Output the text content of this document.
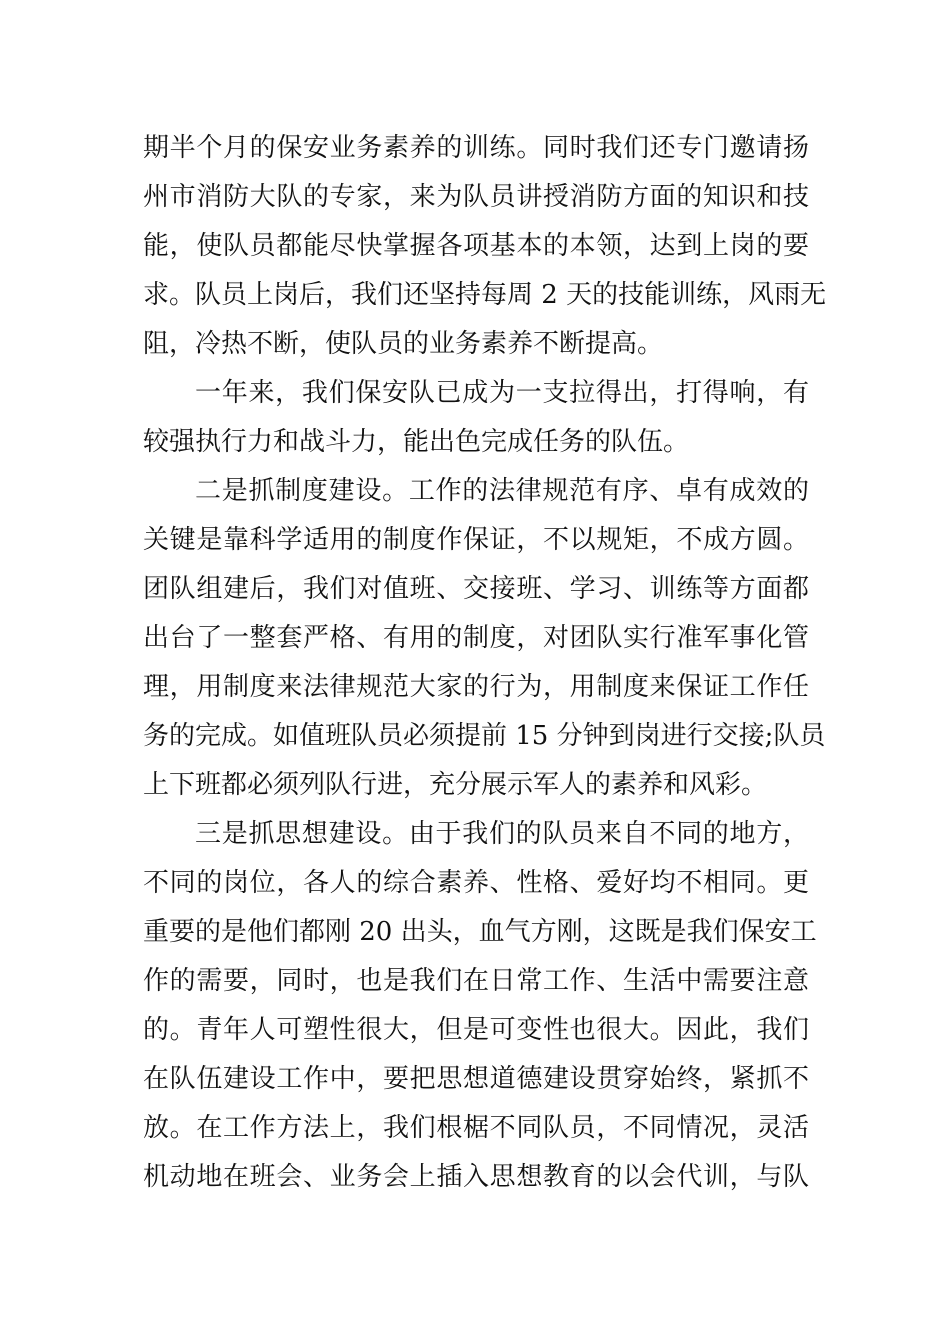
期半个月的保安业务素养的训练。同时我们还专门邀请扬
州市消防大队的专家，来为队员讲授消防方面的知识和技
能，使队员都能尽快掌握各项基本的本领，达到上岗的要
求。队员上岗后，我们还坚持每周 2 天的技能训练，风雨无
阻，冷热不断，使队员的业务素养不断提高。
一年来，我们保安队已成为一支拉得出，打得响，有
较强执行力和战斗力，能出色完成任务的队伍。
二是抓制度建设。工作的法律规范有序、卓有成效的
关键是靠科学适用的制度作保证，不以规矩，不成方圆。
团队组建后，我们对值班、交接班、学习、训练等方面都
出台了一整套严格、有用的制度，对团队实行准军事化管
理，用制度来法律规范大家的行为，用制度来保证工作任
务的完成。如值班队员必须提前 15 分钟到岗进行交接;队员
上下班都必须列队行进，充分展示军人的素养和风彩。
三是抓思想建设。由于我们的队员来自不同的地方，
不同的岗位，各人的综合素养、性格、爱好均不相同。更
重要的是他们都刚 20 出头，血气方刚，这既是我们保安工
作的需要，同时，也是我们在日常工作、生活中需要注意
的。青年人可塑性很大，但是可变性也很大。因此，我们
在队伍建设工作中，要把思想道德建设贯穿始终，紧抓不
放。在工作方法上，我们根椐不同队员，不同情况，灵活
机动地在班会、业务会上插入思想教育的以会代训，与队
